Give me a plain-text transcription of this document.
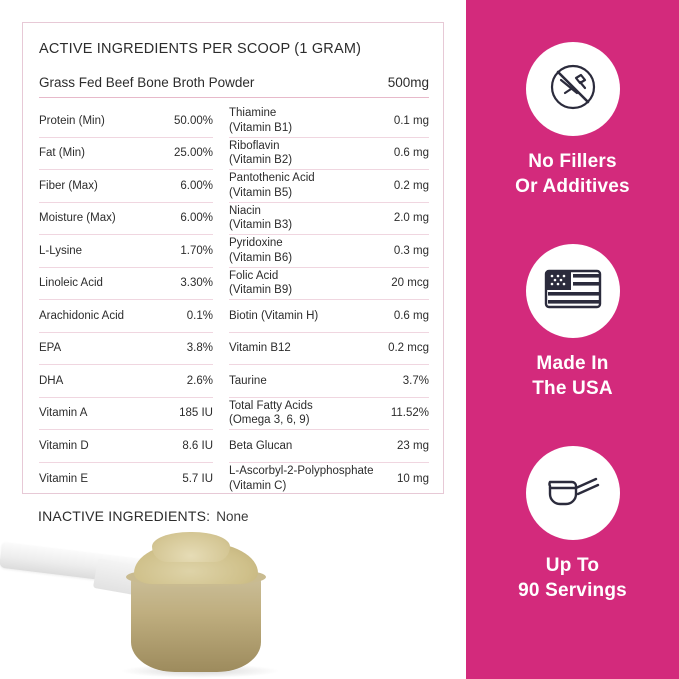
ACTIVE INGREDIENTS PER SCOOP (1 GRAM)
Grass Fed Beef Bone Broth Powder	500mg
Protein (Min)	50.00%
Fat (Min)	25.00%
Fiber (Max)	6.00%
Moisture (Max)	6.00%
L-Lysine	1.70%
Linoleic Acid	3.30%
Arachidonic Acid	0.1%
EPA	3.8%
DHA	2.6%
Vitamin A	185 IU
Vitamin D	8.6 IU
Vitamin E	5.7 IU
Thiamine
(Vitamin B1)
0.1 mg
Riboflavin
(Vitamin B2)
0.6 mg
Pantothenic Acid
(Vitamin B5)
0.2 mg
Niacin
(Vitamin B3)
2.0 mg
Pyridoxine
(Vitamin B6)
0.3 mg
Folic Acid
(Vitamin B9)
20 mcg
Biotin (Vitamin H)	0.6 mg
Vitamin B12	0.2 mcg
Taurine	3.7%
Total Fatty Acids
(Omega 3, 6, 9)
11.52%
Beta Glucan	23 mg
L-Ascorbyl-2-Polyphosphate
(Vitamin C)
10 mg
INACTIVE INGREDIENTS: None
No Fillers
Or Additives
Made In
The USA
Up To
90 Servings
